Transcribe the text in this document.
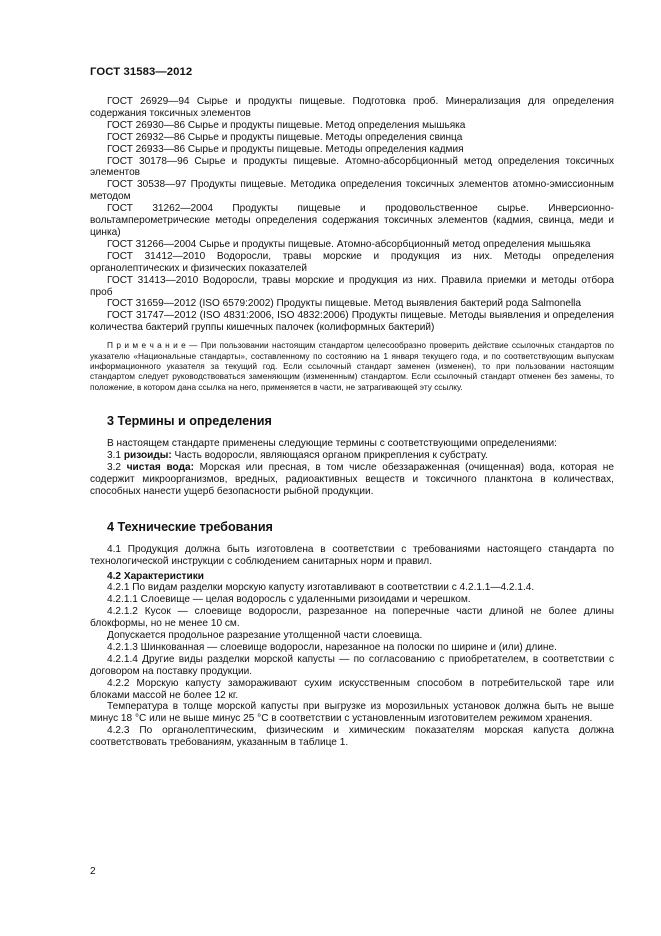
ГОСТ 31583—2012

ГОСТ 26929—94 Сырье и продукты пищевые. Подготовка проб. Минерализация для определения содержания токсичных элементов

ГОСТ 26930—86 Сырье и продукты пищевые. Метод определения мышьяка

ГОСТ 26932—86 Сырье и продукты пищевые. Методы определения свинца

ГОСТ 26933—86 Сырье и продукты пищевые. Методы определения кадмия

ГОСТ 30178—96 Сырье и продукты пищевые. Атомно-абсорбционный метод определения токсичных элементов

ГОСТ 30538—97 Продукты пищевые. Методика определения токсичных элементов атомно-эмиссионным методом

ГОСТ 31262—2004 Продукты пищевые и продовольственное сырье. Инверсионно-вольтамперометрические методы определения содержания токсичных элементов (кадмия, свинца, меди и цинка)

ГОСТ 31266—2004 Сырье и продукты пищевые. Атомно-абсорбционный метод определения мышьяка

ГОСТ 31412—2010 Водоросли, травы морские и продукция из них. Методы определения органолептических и физических показателей

ГОСТ 31413—2010 Водоросли, травы морские и продукция из них. Правила приемки и методы отбора проб

ГОСТ 31659—2012 (ISO 6579:2002) Продукты пищевые. Метод выявления бактерий рода Salmonella

ГОСТ 31747—2012 (ISO 4831:2006, ISO 4832:2006) Продукты пищевые. Методы выявления и определения количества бактерий группы кишечных палочек (колиформных бактерий)

П р и м е ч а н и е — При пользовании настоящим стандартом целесообразно проверить действие ссылочных стандартов по указателю «Национальные стандарты», составленному по состоянию на 1 января текущего года, и по соответствующим выпускам информационного указателя за текущий год. Если ссылочный стандарт заменен (изменен), то при пользовании настоящим стандартом следует руководствоваться заменяющим (измененным) стандартом. Если ссылочный стандарт отменен без замены, то положение, в котором дана ссылка на него, применяется в части, не затрагивающей эту ссылку.

3 Термины и определения

В настоящем стандарте применены следующие термины с соответствующими определениями:

3.1 ризоиды: Часть водоросли, являющаяся органом прикрепления к субстрату.

3.2 чистая вода: Морская или пресная, в том числе обеззараженная (очищенная) вода, которая не содержит микроорганизмов, вредных, радиоактивных веществ и токсичного планктона в количествах, способных нанести ущерб безопасности рыбной продукции.

4 Технические требования

4.1 Продукция должна быть изготовлена в соответствии с требованиями настоящего стандарта по технологической инструкции с соблюдением санитарных норм и правил.

4.2 Характеристики

4.2.1 По видам разделки морскую капусту изготавливают в соответствии с 4.2.1.1—4.2.1.4.

4.2.1.1 Слоевище — целая водоросль с удаленными ризоидами и черешком.

4.2.1.2 Кусок — слоевище водоросли, разрезанное на поперечные части длиной не более длины блокформы, но не менее 10 см.

Допускается продольное разрезание утолщенной части слоевища.

4.2.1.3 Шинкованная — слоевище водоросли, нарезанное на полоски по ширине и (или) длине.

4.2.1.4 Другие виды разделки морской капусты — по согласованию с приобретателем, в соответствии с договором на поставку продукции.

4.2.2 Морскую капусту замораживают сухим искусственным способом в потребительской таре или блоками массой не более 12 кг.

Температура в толще морской капусты при выгрузке из морозильных установок должна быть не выше минус 18 °С или не выше минус 25 °С в соответствии с установленным изготовителем режимом хранения.

4.2.3 По органолептическим, физическим и химическим показателям морская капуста должна соответствовать требованиям, указанным в таблице 1.

2
